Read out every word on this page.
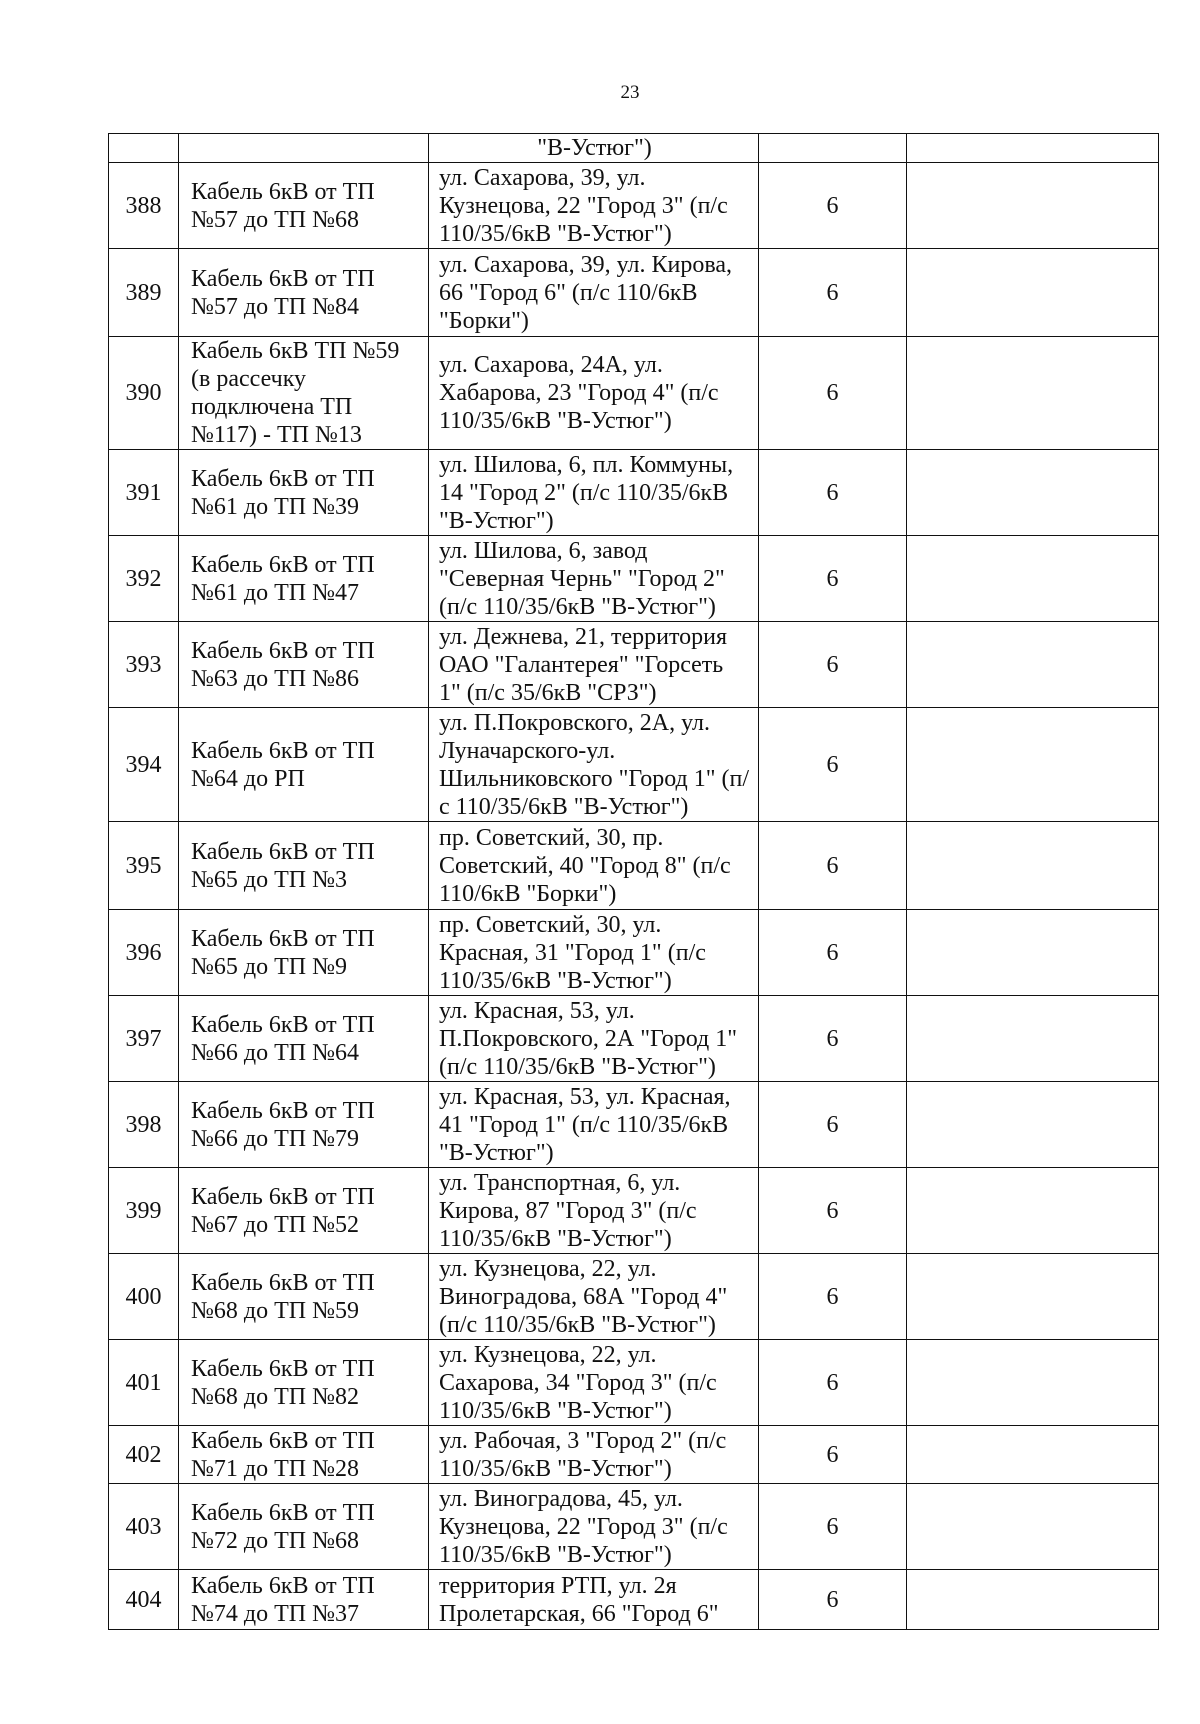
23
		"В-Устюг")		
388	Кабель 6кВ от ТП №57 до ТП №68	ул. Сахарова, 39, ул. Кузнецова, 22 "Город 3" (п/с 110/35/6кВ "В-Устюг")	6	
389	Кабель 6кВ от ТП №57 до ТП №84	ул. Сахарова, 39, ул. Кирова, 66 "Город 6" (п/с 110/6кВ "Борки")	6	
390	Кабель 6кВ ТП №59 (в рассечку подключена ТП №117) - ТП №13	ул. Сахарова, 24А, ул. Хабарова, 23 "Город 4" (п/с 110/35/6кВ "В-Устюг")	6	
391	Кабель 6кВ от ТП №61 до ТП №39	ул. Шилова, 6, пл. Коммуны, 14 "Город 2" (п/с 110/35/6кВ "В-Устюг")	6	
392	Кабель 6кВ от ТП №61 до ТП №47	ул. Шилова, 6, завод "Северная Чернь" "Город 2" (п/с 110/35/6кВ "В-Устюг")	6	
393	Кабель 6кВ от ТП №63 до ТП №86	ул. Дежнева, 21, территория ОАО "Галантерея" "Горсеть 1" (п/с 35/6кВ "СРЗ")	6	
394	Кабель 6кВ от ТП №64 до РП	ул. П.Покровского, 2А, ул. Луначарского-ул. Шильниковского "Город 1" (п/с 110/35/6кВ "В-Устюг")	6	
395	Кабель 6кВ от ТП №65 до ТП №3	пр. Советский, 30, пр. Советский, 40 "Город 8" (п/с 110/6кВ "Борки")	6	
396	Кабель 6кВ от ТП №65 до ТП №9	пр. Советский, 30, ул. Красная, 31 "Город 1" (п/с 110/35/6кВ "В-Устюг")	6	
397	Кабель 6кВ от ТП №66 до ТП №64	ул. Красная, 53, ул. П.Покровского, 2А "Город 1" (п/с 110/35/6кВ "В-Устюг")	6	
398	Кабель 6кВ от ТП №66 до ТП №79	ул. Красная, 53, ул. Красная, 41 "Город 1" (п/с 110/35/6кВ "В-Устюг")	6	
399	Кабель 6кВ от ТП №67 до ТП №52	ул. Транспортная, 6, ул. Кирова, 87 "Город 3" (п/с 110/35/6кВ "В-Устюг")	6	
400	Кабель 6кВ от ТП №68 до ТП №59	ул. Кузнецова, 22, ул. Виноградова, 68А "Город 4" (п/с 110/35/6кВ "В-Устюг")	6	
401	Кабель 6кВ от ТП №68 до ТП №82	ул. Кузнецова, 22, ул. Сахарова, 34 "Город 3" (п/с 110/35/6кВ "В-Устюг")	6	
402	Кабель 6кВ от ТП №71 до ТП №28	ул. Рабочая, 3 "Город 2" (п/с 110/35/6кВ "В-Устюг")	6	
403	Кабель 6кВ от ТП №72 до ТП №68	ул. Виноградова, 45, ул. Кузнецова, 22 "Город 3" (п/с 110/35/6кВ "В-Устюг")	6	
404	Кабель 6кВ от ТП №74 до ТП №37	территория РТП, ул. 2я Пролетарская, 66 "Город 6"	6	
